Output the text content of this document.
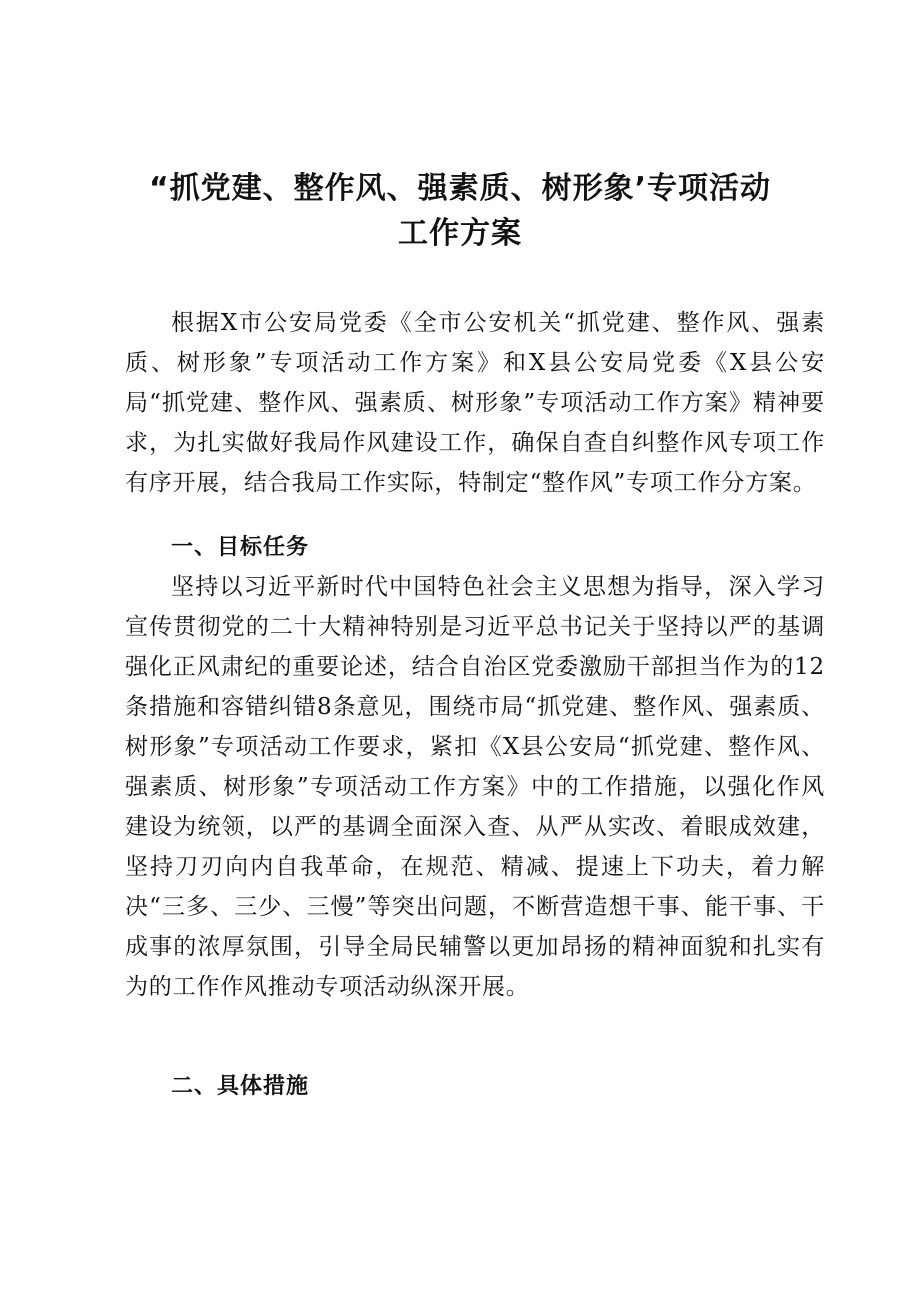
“抓党建、整作风、强素质、树形象’专项活动
工作方案

根据X市公安局党委《全市公安机关“抓党建、整作风、强素质、树形象”专项活动工作方案》和X县公安局党委《X县公安局“抓党建、整作风、强素质、树形象”专项活动工作方案》精神要求，为扎实做好我局作风建设工作，确保自查自纠整作风专项工作有序开展，结合我局工作实际，特制定“整作风”专项工作分方案。

一、目标任务

坚持以习近平新时代中国特色社会主义思想为指导，深入学习宣传贯彻党的二十大精神特别是习近平总书记关于坚持以严的基调强化正风肃纪的重要论述，结合自治区党委激励干部担当作为的12条措施和容错纠错8条意见，围绕市局“抓党建、整作风、强素质、树形象”专项活动工作要求，紧扣《X县公安局“抓党建、整作风、强素质、树形象”专项活动工作方案》中的工作措施，以强化作风建设为统领，以严的基调全面深入查、从严从实改、着眼成效建，坚持刀刃向内自我革命，在规范、精减、提速上下功夫，着力解决“三多、三少、三慢”等突出问题，不断营造想干事、能干事、干成事的浓厚氛围，引导全局民辅警以更加昂扬的精神面貌和扎实有为的工作作风推动专项活动纵深开展。

二、具体措施
